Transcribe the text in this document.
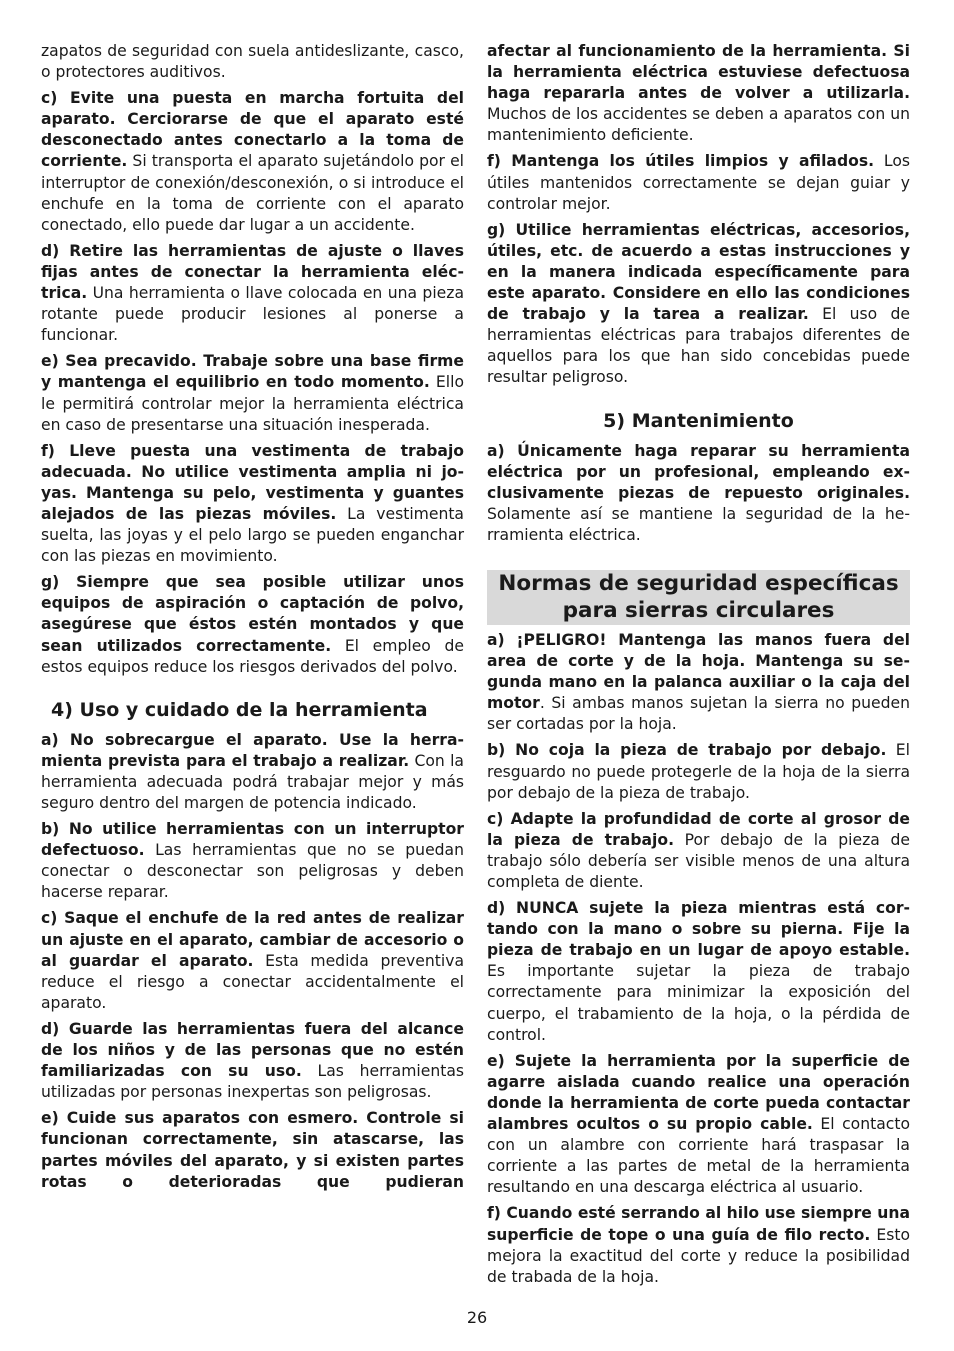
zapatos de seguridad con suela antideslizante, casco, o protectores auditivos.

c) Evite una puesta en marcha fortuita del aparato. Cerciorarse de que el aparato esté desconectado antes conectarlo a la toma de corriente. Si transporta el aparato sujetándolo por el interruptor de conexión/desconexión, o si introduce el enchufe en la toma de corriente con el aparato conectado, ello puede dar lugar a un accidente.

d) Retire las herramientas de ajuste o llaves fijas antes de conectar la herramienta eléctrica. Una herramienta o llave colocada en una pieza rotante puede producir lesiones al ponerse a funcionar.

e) Sea precavido. Trabaje sobre una base firme y mantenga el equilibrio en todo momento. Ello le permitirá controlar mejor la herramienta eléctrica en caso de presentarse una situación inesperada.

f) Lleve puesta una vestimenta de trabajo adecuada. No utilice vestimenta amplia ni joyas. Mantenga su pelo, vestimenta y guantes alejados de las piezas móviles. La vestimenta suelta, las joyas y el pelo largo se pueden enganchar con las piezas en movimiento.

g) Siempre que sea posible utilizar unos equipos de aspiración o captación de polvo, asegúrese que éstos estén montados y que sean utilizados correctamente. El empleo de estos equipos reduce los riesgos derivados del polvo.

4) Uso y cuidado de la herramienta

a) No sobrecargue el aparato. Use la herramienta prevista para el trabajo a realizar. Con la herramienta adecuada podrá trabajar mejor y más seguro dentro del margen de potencia indicado.

b) No utilice herramientas con un interruptor defectuoso. Las herramientas que no se puedan conectar o desconectar son peligrosas y deben hacerse reparar.

c) Saque el enchufe de la red antes de realizar un ajuste en el aparato, cambiar de accesorio o al guardar el aparato. Esta medida preventiva reduce el riesgo a conectar accidentalmente el aparato.

d) Guarde las herramientas fuera del alcance de los niños y de las personas que no estén familiarizadas con su uso. Las herramientas utilizadas por personas inexpertas son peligrosas.

e) Cuide sus aparatos con esmero. Controle si funcionan correctamente, sin atascarse, las partes móviles del aparato, y si existen partes rotas o deterioradas que pudieran

afectar al funcionamiento de la herramienta. Si la herramienta eléctrica estuviese defectuosa haga repararla antes de volver a utilizarla. Muchos de los accidentes se deben a aparatos con un mantenimiento deficiente.

f) Mantenga los útiles limpios y afilados. Los útiles mantenidos correctamente se dejan guiar y controlar mejor.

g) Utilice herramientas eléctricas, accesorios, útiles, etc. de acuerdo a estas instrucciones y en la manera indicada específicamente para este aparato. Considere en ello las condiciones de trabajo y la tarea a realizar. El uso de herramientas eléctricas para trabajos diferentes de aquellos para los que han sido concebidas puede resultar peligroso.

5) Mantenimiento

a) Únicamente haga reparar su herramienta eléctrica por un profesional, empleando exclusivamente piezas de repuesto originales. Solamente así se mantiene la seguridad de la herramienta eléctrica.

Normas de seguridad específicas para sierras circulares

a) ¡PELIGRO! Mantenga las manos fuera del area de corte y de la hoja. Mantenga su segunda mano en la palanca auxiliar o la caja del motor. Si ambas manos sujetan la sierra no pueden ser cortadas por la hoja.

b) No coja la pieza de trabajo por debajo. El resguardo no puede protegerle de la hoja de la sierra por debajo de la pieza de trabajo.

c) Adapte la profundidad de corte al grosor de la pieza de trabajo. Por debajo de la pieza de trabajo sólo debería ser visible menos de una altura completa de diente.

d) NUNCA sujete la pieza mientras está cortando con la mano o sobre su pierna. Fije la pieza de trabajo en un lugar de apoyo estable. Es importante sujetar la pieza de trabajo correctamente para minimizar la exposición del cuerpo, el trabamiento de la hoja, o la pérdida de control.

e) Sujete la herramienta por la superficie de agarre aislada cuando realice una operación donde la herramienta de corte pueda contactar alambres ocultos o su propio cable. El contacto con un alambre con corriente hará traspasar la corriente a las partes de metal de la herramienta resultando en una descarga eléctrica al usuario.

f) Cuando esté serrando al hilo use siempre una superficie de tope o una guía de filo recto. Esto mejora la exactitud del corte y reduce la posibilidad de trabada de la hoja.

26
